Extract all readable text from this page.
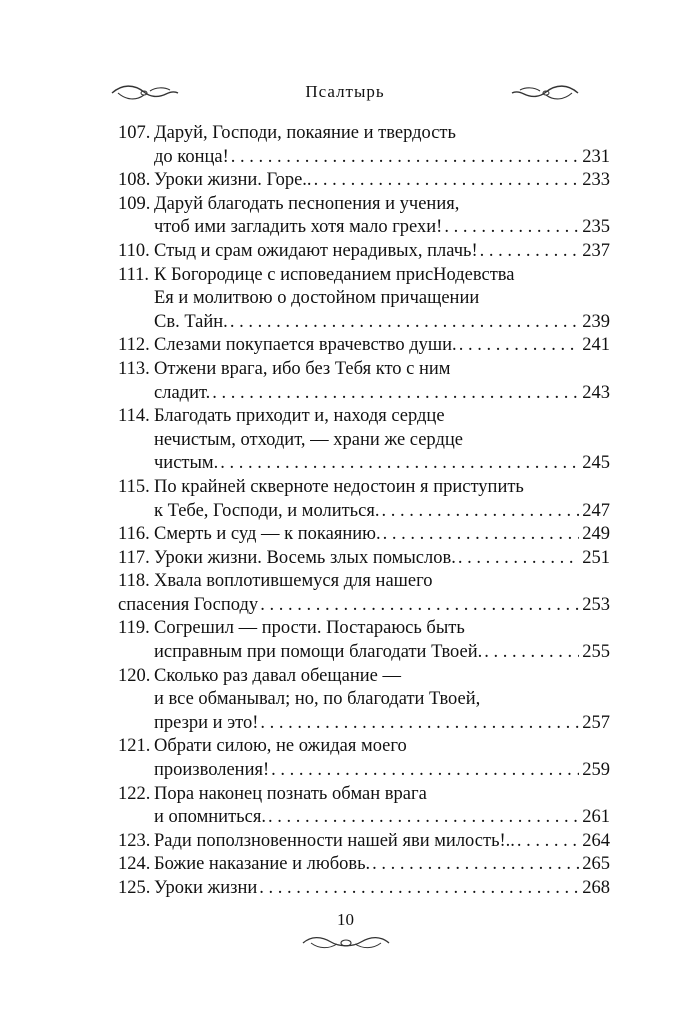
Псалтырь
107. Даруй, Господи, покаяние и твердость
до конца! . . .	231
108. Уроки жизни. Горе.. . . .	233
109. Даруй благодать песнопения и учения,
чтоб ими загладить хотя мало грехи! . . .	235
110. Стыд и срам ожидают нерадивых, плачь! . . .	237
111. К Богородице с исповеданием присНодевства
Ея и молитвою о достойном причащении
Св. Тайн. . . .	239
112. Слезами покупается врачевство души. . . .	241
113. Отжени врага, ибо без Тебя кто с ним
сладит. . . .	243
114. Благодать приходит и, находя сердце
нечистым, отходит, — храни же сердце
чистым. . . .	245
115. По крайней скверноте недостоин я приступить
к Тебе, Господи, и молиться. . . .	247
116. Смерть и суд — к покаянию. . . .	249
117. Уроки жизни. Восемь злых помыслов. . . .	251
118. Хвала воплотившемуся для нашего
спасения Господу . . .	253
119. Согрешил — прости. Постараюсь быть
исправным при помощи благодати Твоей. . . .	255
120. Сколько раз давал обещание —
и все обманывал; но, по благодати Твоей,
презри и это! . . .	257
121. Обрати силою, не ожидая моего
произволения! . . .	259
122. Пора наконец познать обман врага
и опомниться. . . .	261
123. Ради поползновенности нашей яви милость!.. . . .	264
124. Божие наказание и любовь. . . .	265
125. Уроки жизни . . .	268
10
